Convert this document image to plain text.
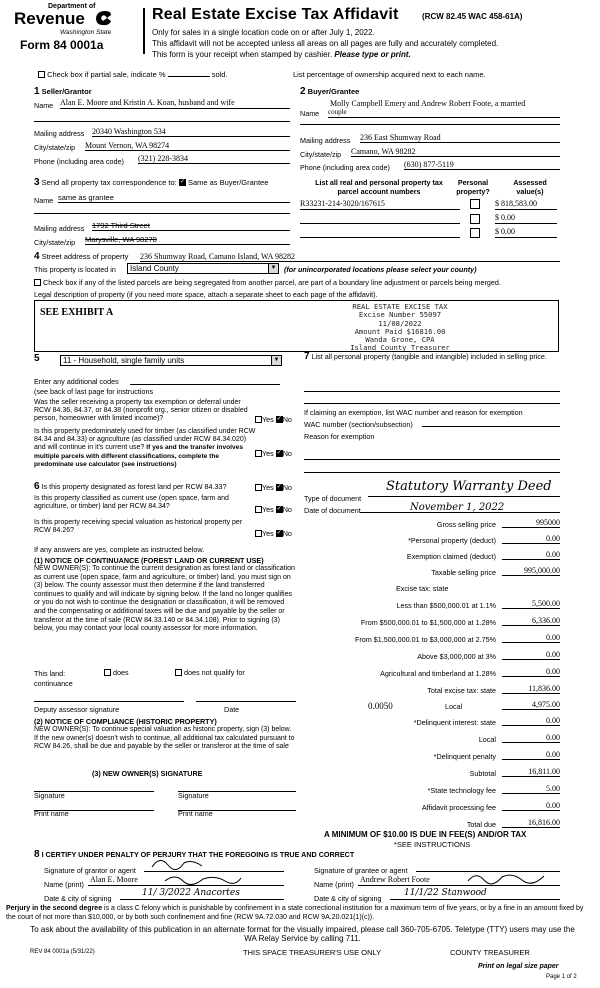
Department of
Revenue
Washington State
Form 84 0001a
Real Estate Excise Tax Affidavit	(RCW 82.45 WAC 458-61A)
Only for sales in a single location code on or after July 1, 2022.
This affidavit will not be accepted unless all areas on all pages are fully and accurately completed.
This form is your receipt when stamped by cashier. Please type or print.
Check box if partial sale, indicate %	sold.	List percentage of ownership acquired next to each name.
1 Seller/Grantor
Name Alan E. Moore and Kristin A. Koan, husband and wife
Mailing address 20340 Washington 534
City/state/zip Mount Vernon, WA 98274
Phone (including area code) (321) 228-3834
2 Buyer/Grantee
Molly Campbell Emery and Andrew Robert Foote, a married
Name couple
Mailing address 236 East Shumway Road
City/state/zip Camano, WA 98282
Phone (including area code) (630) 877-5119
3 Send all property tax correspondence to: ✓ Same as Buyer/Grantee
Name same as grantee
Mailing address 1792 Third Street
City/state/zip Marysville, WA 98270
List all real and personal property tax parcel account numbers
Personal property?
Assessed value(s)
R33231-214-3020/167615	$ 818,583.00
$ 0.00
$ 0.00
4 Street address of property 236 Shumway Road, Camano Island, WA 98282
This property is located in	Island County	▼ (for unincorporated locations please select your county)
Check box if any of the listed parcels are being segregated from another parcel, are part of a boundary line adjustment or parcels being merged.
Legal description of property (if you need more space, attach a separate sheet to each page of the affidavit).
SEE EXHIBIT A
REAL ESTATE EXCISE TAX
Excise Number 55097
11/08/2022
Amount Paid $16816.00
Wanda Grone, CPA
Island County Treasurer
5	11 - Household, single family units	▼
Enter any additional codes
(see back of last page for instructions
Was the seller receiving a property tax exemption or deferral under RCW 84.36, 84.37, or 84.38 (nonprofit org., senior citizen or disabled person, homeowner with limited income)?	Yes ✓ No
Is this property predominately used for timber (as classified under RCW 84.34 and 84.33) or agriculture (as classified under RCW 84.34.020) and will continue in it's current use? If yes and the transfer involves multiple parcels with different classifications, complete the predominate use calculator (see instructions)
Yes ✓ No
7 List all personal property (tangible and intangible) included in selling price.
If claiming an exemption, list WAC number and reason for exemption
WAC number (section/subsection)
Reason for exemption
6 Is this property designated as forest land per RCW 84.33?	Yes ✓ No
Is this property classified as current use (open space, farm and agriculture, or timber) land per RCW 84.34?	Yes ✓ No
Is this property receiving special valuation as historical property per RCW 84.26?	Yes ✓ No
If any answers are yes, complete as instructed below.
(1) NOTICE OF CONTINUANCE (FOREST LAND OR CURRENT USE)
NEW OWNER(S): To continue the current designation as forest land or classification as current use (open space, farm and agriculture, or timber) land, you must sign on (3) below. The county assessor must then determine if the land transferred continues to qualify and will indicate by signing below. If the land no longer qualifies or you do not wish to continue the designation or classification, it will be removed and the compensating or additional taxes will be due and payable by the seller or transferor at the time of sale (RCW 84.33.140 or 84.34.108). Prior to signing (3) below, you may contact your local county assessor for more information.
This land:	does	does not qualify for
continuance
Deputy assessor signature	Date
(2) NOTICE OF COMPLIANCE (HISTORIC PROPERTY)
NEW OWNER(S): To continue special valuation as historic property, sign (3) below. If the new owner(s) doesn't wish to continue, all additional tax calculated pursuant to RCW 84.26, shall be due and payable by the seller or transferor at the time of sale
(3) NEW OWNER(S) SIGNATURE
Signature	Signature
Print name	Print name
Type of document
Statutory Warranty Deed
Date of document	November 1, 2022
Gross selling price	995000
*Personal property (deduct)	0.00
Exemption claimed (deduct)	0.00
Taxable selling price	995,000.00
Excise tax: state
Less than $500,000.01 at 1.1%	5,500.00
From $500,000.01 to $1,500,000 at 1.28%	6,336.00
From $1,500,000.01 to $3,000,000 at 2.75%	0.00
Above $3,000,000 at 3%	0.00
Agricultural and timberland at 1.28%	0.00
Total excise tax: state	11,836.00
0.0050	Local	4,975.00
*Delinquent interest: state	0.00
Local	0.00
*Delinquent penalty	0.00
Subtotal	16,811.00
*State technology fee	5.00
Affidavit processing fee	0.00
Total due	16,816.00
A MINIMUM OF $10.00 IS DUE IN FEE(S) AND/OR TAX
*SEE INSTRUCTIONS
8 I CERTIFY UNDER PENALTY OF PERJURY THAT THE FOREGOING IS TRUE AND CORRECT
Signature of grantor or agent
Name (print)
Alan E. Moore
Date & city of signing
11/ 3/2022 Anacortes
Signature of grantee or agent
Name (print)
Andrew Robert Foote
Date & city of signing
11/1/22 Stanwood
Perjury in the second degree is a class C felony which is punishable by confinement in a state correctional institution for a maximum term of five years, or by a fine in an amount fixed by the court of not more than $10,000, or by both such confinement and fine (RCW 9A.72.030 and RCW 9A.20.021(1)(c)).
To ask about the availability of this publication in an alternate format for the visually impaired, please call 360-705-6705. Teletype (TTY) users may use the WA Relay Service by calling 711.
REV 84 0001a (5/31/22)	THIS SPACE TREASURER'S USE ONLY	COUNTY TREASURER
Print on legal size paper
Page 1 of 2
